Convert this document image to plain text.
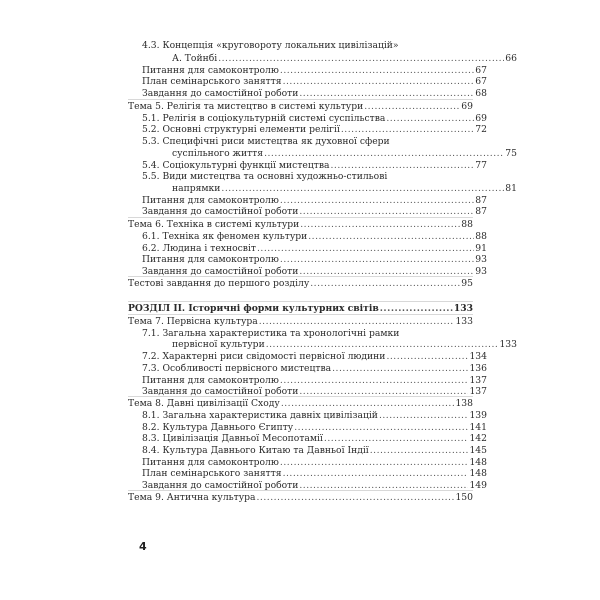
4.3. Концепція «круговороту локальних цивілізацій»
А. Тойнбі .....	66
Питання для самоконтролю .....	67
План семінарського заняття .....	67
Завдання до самостійної роботи .....	68
Тема 5. Релігія та мистецтво в системі культури .....	69
5.1. Релігія в соціокультурній системі суспільства .....	69
5.2. Основні структурні елементи релігії .....	72
5.3. Специфічні риси мистецтва як духовної сфери
суспільного життя .....	75
5.4. Соціокультурні функції мистецтва .....	77
5.5. Види мистецтва та основні художньо-стильові
напрямки .....	81
Питання для самоконтролю .....	87
Завдання до самостійної роботи .....	87
Тема 6. Техніка в системі культури .....	88
6.1. Техніка як феномен культури .....	88
6.2. Людина і техносвіт .....	91
Питання для самоконтролю .....	93
Завдання до самостійної роботи .....	93
Тестові завдання до першого розділу .....	95
РОЗДІЛ ІІ. Історичні форми культурних світів .....	133
Тема 7. Первісна культура .....	133
7.1. Загальна характеристика та хронологічні рамки
первісної культури .....	133
7.2. Характерні риси свідомості первісної людини .....	134
7.3. Особливості первісного мистецтва .....	136
Питання для самоконтролю .....	137
Завдання до самостійної роботи .....	137
Тема 8. Давні цивілізації Сходу .....	138
8.1. Загальна характеристика давніх цивілізацій .....	139
8.2. Культура Давнього Єгипту .....	141
8.3. Цивілізація Давньої Месопотамії .....	142
8.4. Культура Давнього Китаю та Давньої Індії .....	145
Питання для самоконтролю .....	148
План семінарського заняття .....	148
Завдання до самостійної роботи .....	149
Тема 9. Антична культура .....	150
4
